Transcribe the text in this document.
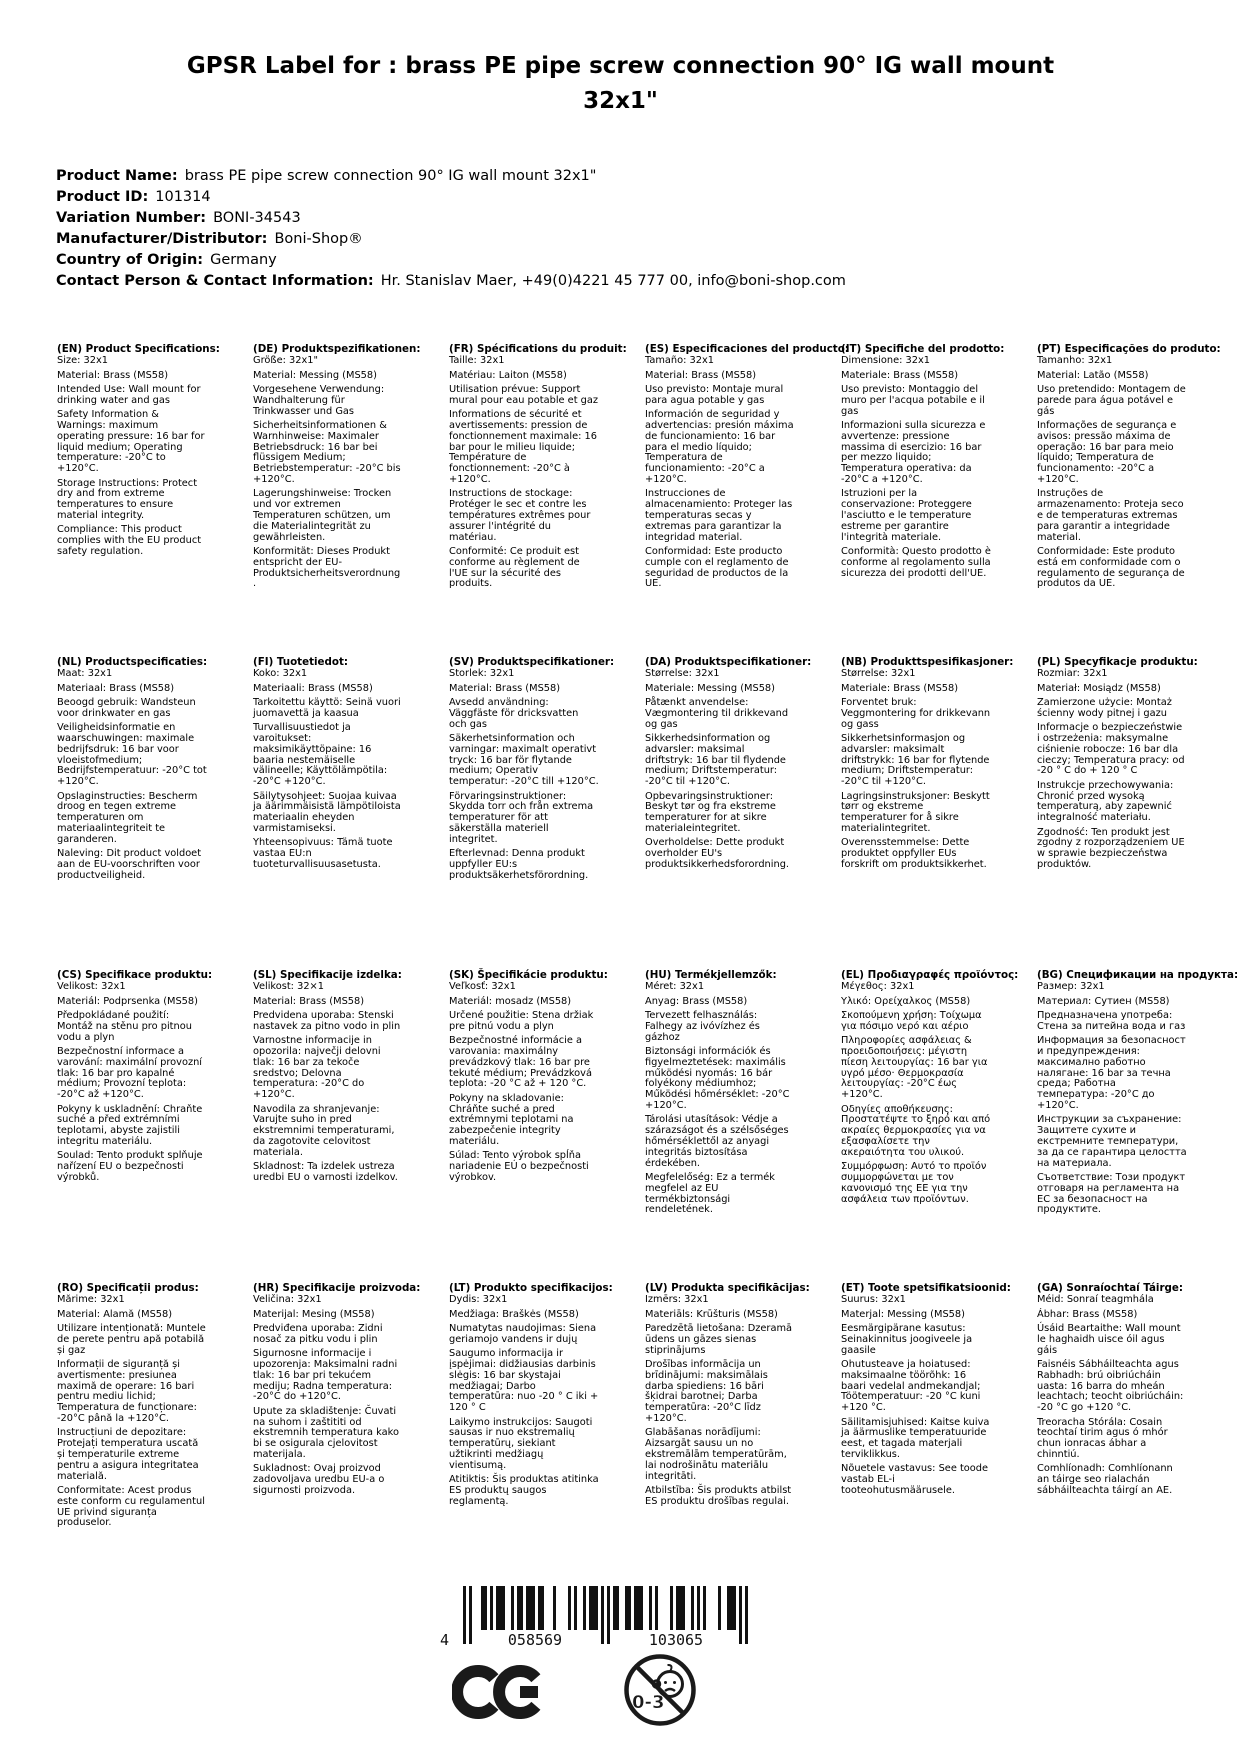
GPSR Label for : brass PE pipe screw connection 90° IG wall mount
32x1"
Product Name: brass PE pipe screw connection 90° IG wall mount 32x1"
Product ID: 101314
Variation Number: BONI-34543
Manufacturer/Distributor: Boni-Shop®
Country of Origin: Germany
Contact Person & Contact Information: Hr. Stanislav Maer, +49(0)4221 45 777 00, info@boni-shop.com
(EN) Product Specifications:

Size: 32x1

Material: Brass (MS58)

Intended Use: Wall mount for drinking water and gas

Safety Information & Warnings: maximum operating pressure: 16 bar for liquid medium; Operating temperature: -20°C to +120°C.

Storage Instructions: Protect dry and from extreme temperatures to ensure material integrity.

Compliance: This product complies with the EU product safety regulation.

(DE) Produktspezifikationen:

Größe: 32x1"

Material: Messing (MS58)

Vorgesehene Verwendung: Wandhalterung für Trinkwasser und Gas

Sicherheitsinformationen & Warnhinweise: Maximaler Betriebsdruck: 16 bar bei flüssigem Medium; Betriebstemperatur: -20°C bis +120°C.

Lagerungshinweise: Trocken und vor extremen Temperaturen schützen, um die Materialintegrität zu gewährleisten.

Konformität: Dieses Produkt entspricht der EU-Produktsicherheitsverordnung.

(FR) Spécifications du produit:

Taille: 32x1

Matériau: Laiton (MS58)

Utilisation prévue: Support mural pour eau potable et gaz

Informations de sécurité et avertissements: pression de fonctionnement maximale: 16 bar pour le milieu liquide; Température de fonctionnement: -20°C à +120°C.

Instructions de stockage: Protéger le sec et contre les températures extrêmes pour assurer l'intégrité du matériau.

Conformité: Ce produit est conforme au règlement de l'UE sur la sécurité des produits.

(ES) Especificaciones del producto:

Tamaño: 32x1

Material: Brass (MS58)

Uso previsto: Montaje mural para agua potable y gas

Información de seguridad y advertencias: presión máxima de funcionamiento: 16 bar para el medio líquido; Temperatura de funcionamiento: -20°C a +120°C.

Instrucciones de almacenamiento: Proteger las temperaturas secas y extremas para garantizar la integridad material.

Conformidad: Este producto cumple con el reglamento de seguridad de productos de la UE.

(IT) Specifiche del prodotto:

Dimensione: 32x1

Materiale: Brass (MS58)

Uso previsto: Montaggio del muro per l'acqua potabile e il gas

Informazioni sulla sicurezza e avvertenze: pressione massima di esercizio: 16 bar per mezzo liquido; Temperatura operativa: da -20°C a +120°C.

Istruzioni per la conservazione: Proteggere l'asciutto e le temperature estreme per garantire l'integrità materiale.

Conformità: Questo prodotto è conforme al regolamento sulla sicurezza dei prodotti dell'UE.

(PT) Especificações do produto:

Tamanho: 32x1

Material: Latão (MS58)

Uso pretendido: Montagem de parede para água potável e gás

Informações de segurança e avisos: pressão máxima de operação: 16 bar para meio líquido; Temperatura de funcionamento: -20°C a +120°C.

Instruções de armazenamento: Proteja seco e de temperaturas extremas para garantir a integridade material.

Conformidade: Este produto está em conformidade com o regulamento de segurança de produtos da UE.

(NL) Productspecificaties:

Maat: 32x1

Materiaal: Brass (MS58)

Beoogd gebruik: Wandsteun voor drinkwater en gas

Veiligheidsinformatie en waarschuwingen: maximale bedrijfsdruk: 16 bar voor vloeistofmedium; Bedrijfstemperatuur: -20°C tot +120°C.

Opslaginstructies: Bescherm droog en tegen extreme temperaturen om materiaalintegriteit te garanderen.

Naleving: Dit product voldoet aan de EU-voorschriften voor productveiligheid.

(FI) Tuotetiedot:

Koko: 32x1

Materiaali: Brass (MS58)

Tarkoitettu käyttö: Seinä vuori juomavettä ja kaasua

Turvallisuustiedot ja varoitukset: maksimikäyttöpaine: 16 baaria nestemäiselle välineelle; Käyttölämpötila: -20°C +120°C.

Säilytysohjeet: Suojaa kuivaa ja äärimmäisistä lämpötiloista materiaalin eheyden varmistamiseksi.

Yhteensopivuus: Tämä tuote vastaa EU:n tuoteturvallisuusasetusta.

(SV) Produktspecifikationer:

Storlek: 32x1

Material: Brass (MS58)

Avsedd användning: Väggfäste för dricksvatten och gas

Säkerhetsinformation och varningar: maximalt operativt tryck: 16 bar för flytande medium; Operativ temperatur: -20°C till +120°C.

Förvaringsinstruktioner: Skydda torr och från extrema temperaturer för att säkerställa materiell integritet.

Efterlevnad: Denna produkt uppfyller EU:s produktsäkerhetsförordning.

(DA) Produktspecifikationer:

Størrelse: 32x1

Materiale: Messing (MS58)

Påtænkt anvendelse: Vægmontering til drikkevand og gas

Sikkerhedsinformation og advarsler: maksimal driftstryk: 16 bar til flydende medium; Driftstemperatur: -20°C til +120°C.

Opbevaringsinstruktioner: Beskyt tør og fra ekstreme temperaturer for at sikre materialeintegritet.

Overholdelse: Dette produkt overholder EU's produktsikkerhedsforordning.

(NB) Produkttspesifikasjoner:

Størrelse: 32x1

Materiale: Brass (MS58)

Forventet bruk: Veggmontering for drikkevann og gass

Sikkerhetsinformasjon og advarsler: maksimalt driftstrykk: 16 bar for flytende medium; Driftstemperatur: -20°C til +120°C.

Lagringsinstruksjoner: Beskytt tørr og ekstreme temperaturer for å sikre materialintegritet.

Overensstemmelse: Dette produktet oppfyller EUs forskrift om produktsikkerhet.

(PL) Specyfikacje produktu:

Rozmiar: 32x1

Materiał: Mosiądz (MS58)

Zamierzone użycie: Montaż ścienny wody pitnej i gazu

Informacje o bezpieczeństwie i ostrzeżenia: maksymalne ciśnienie robocze: 16 bar dla cieczy; Temperatura pracy: od -20 ° C do + 120 ° C

Instrukcje przechowywania: Chronić przed wysoką temperaturą, aby zapewnić integralność materiału.

Zgodność: Ten produkt jest zgodny z rozporządzeniem UE w sprawie bezpieczeństwa produktów.

(CS) Specifikace produktu:

Velikost: 32x1

Materiál: Podprsenka (MS58)

Předpokládané použití: Montáž na stěnu pro pitnou vodu a plyn

Bezpečnostní informace a varování: maximální provozní tlak: 16 bar pro kapalné médium; Provozní teplota: -20°C až +120°C.

Pokyny k uskladnění: Chraňte suché a před extrémními teplotami, abyste zajistili integritu materiálu.

Soulad: Tento produkt splňuje nařízení EU o bezpečnosti výrobků.

(SL) Specifikacije izdelka:

Velikost: 32×1

Material: Brass (MS58)

Predvidena uporaba: Stenski nastavek za pitno vodo in plin

Varnostne informacije in opozorila: največji delovni tlak: 16 bar za tekoče sredstvo; Delovna temperatura: -20°C do +120°C.

Navodila za shranjevanje: Varujte suho in pred ekstremnimi temperaturami, da zagotovite celovitost materiala.

Skladnost: Ta izdelek ustreza uredbi EU o varnosti izdelkov.

(SK) Špecifikácie produktu:

Veľkosť: 32x1

Materiál: mosadz (MS58)

Určené použitie: Stena držiak pre pitnú vodu a plyn

Bezpečnostné informácie a varovania: maximálny prevádzkový tlak: 16 bar pre tekuté médium; Prevádzková teplota: -20 °C až + 120 °C.

Pokyny na skladovanie: Chráňte suché a pred extrémnymi teplotami na zabezpečenie integrity materiálu.

Súlad: Tento výrobok spĺňa nariadenie EÚ o bezpečnosti výrobkov.

(HU) Termékjellemzők:

Méret: 32x1

Anyag: Brass (MS58)

Tervezett felhasználás: Falhegy az ivóvízhez és gázhoz

Biztonsági információk és figyelmeztetések: maximális működési nyomás: 16 bár folyékony médiumhoz; Működési hőmérséklet: -20°C +120°C.

Tárolási utasítások: Védje a szárazságot és a szélsőséges hőmérséklettől az anyagi integritás biztosítása érdekében.

Megfelelőség: Ez a termék megfelel az EU termékbiztonsági rendeletének.

(EL) Προδιαγραφές προϊόντος:

Μέγεθος: 32x1

Υλικό: Ορείχαλκος (MS58)

Σκοπούμενη χρήση: Τοίχωμα για πόσιμο νερό και αέριο

Πληροφορίες ασφάλειας & προειδοποιήσεις: μέγιστη πίεση λειτουργίας: 16 bar για υγρό μέσο· Θερμοκρασία λειτουργίας: -20°C έως +120°C.

Οδηγίες αποθήκευσης: Προστατέψτε το ξηρό και από ακραίες θερμοκρασίες για να εξασφαλίσετε την ακεραιότητα του υλικού.

Συμμόρφωση: Αυτό το προϊόν συμμορφώνεται με τον κανονισμό της ΕΕ για την ασφάλεια των προϊόντων.

(BG) Спецификации на продукта:

Размер: 32x1

Материал: Сутиен (MS58)

Предназначена употреба: Стена за питейна вода и газ

Информация за безопасност и предупреждения: максимално работно налягане: 16 bar за течна среда; Работна температура: -20°C до +120°C.

Инструкции за съхранение: Защитете сухите и екстремните температури, за да се гарантира целостта на материала.

Съответствие: Този продукт отговаря на регламента на ЕС за безопасност на продуктите.

(RO) Specificații produs:

Mărime: 32x1

Material: Alamă (MS58)

Utilizare intenționată: Muntele de perete pentru apă potabilă și gaz

Informații de siguranță și avertismente: presiunea maximă de operare: 16 bari pentru mediu lichid; Temperatura de funcționare: -20°C până la +120°C.

Instrucțiuni de depozitare: Protejați temperatura uscată și temperaturile extreme pentru a asigura integritatea materială.

Conformitate: Acest produs este conform cu regulamentul UE privind siguranța produselor.

(HR) Specifikacije proizvoda:

Veličina: 32x1

Materijal: Mesing (MS58)

Predviđena uporaba: Zidni nosač za pitku vodu i plin

Sigurnosne informacije i upozorenja: Maksimalni radni tlak: 16 bar pri tekućem mediju; Radna temperatura: -20°C do +120°C.

Upute za skladištenje: Čuvati na suhom i zaštititi od ekstremnih temperatura kako bi se osigurala cjelovitost materijala.

Sukladnost: Ovaj proizvod zadovoljava uredbu EU-a o sigurnosti proizvoda.

(LT) Produkto specifikacijos:

Dydis: 32x1

Medžiaga: Braškės (MS58)

Numatytas naudojimas: Siena geriamojo vandens ir dujų

Saugumo informacija ir įspėjimai: didžiausias darbinis slėgis: 16 bar skystajai medžiagai; Darbo temperatūra: nuo -20 ° C iki + 120 ° C

Laikymo instrukcijos: Saugoti sausas ir nuo ekstremalių temperatūrų, siekiant užtikrinti medžiagų vientisumą.

Atitiktis: Šis produktas atitinka ES produktų saugos reglamentą.

(LV) Produkta specifikācijas:

Izmērs: 32x1

Materiāls: Krūšturis (MS58)

Paredzētā lietošana: Dzeramā ūdens un gāzes sienas stiprinājums

Drošības informācija un brīdinājumi: maksimālais darba spiediens: 16 bāri šķidrai barotnei; Darba temperatūra: -20°C līdz +120°C.

Glabāšanas norādījumi: Aizsargāt sausu un no ekstremālām temperatūrām, lai nodrošinātu materiālu integritāti.

Atbilstība: Šis produkts atbilst ES produktu drošības regulai.

(ET) Toote spetsifikatsioonid:

Suurus: 32x1

Materjal: Messing (MS58)

Eesmärgipärane kasutus: Seinakinnitus joogiveele ja gaasile

Ohutusteave ja hoiatused: maksimaalne töörõhk: 16 baari vedelal andmekandjal; Töötemperatuur: -20 °C kuni +120 °C.

Säilitamisjuhised: Kaitse kuiva ja äärmuslike temperatuuride eest, et tagada materjali terviklikkus.

Nõuetele vastavus: See toode vastab EL-i tooteohutusmäärusele.

(GA) Sonraíochtaí Táirge:

Méid: Sonraí teagmhála

Ábhar: Brass (MS58)

Úsáid Beartaithe: Wall mount le haghaidh uisce óil agus gáis

Faisnéis Sábháilteachta agus Rabhadh: brú oibriúcháin uasta: 16 barra do mheán leachtach; teocht oibriúcháin: -20 °C go +120 °C.

Treoracha Stórála: Cosain teochtaí tirim agus ó mhór chun ionracas ábhar a chinntiú.

Comhlíonadh: Comhlíonann an táirge seo rialachán sábháilteachta táirgí an AE.

4	058569	103065
0-3
